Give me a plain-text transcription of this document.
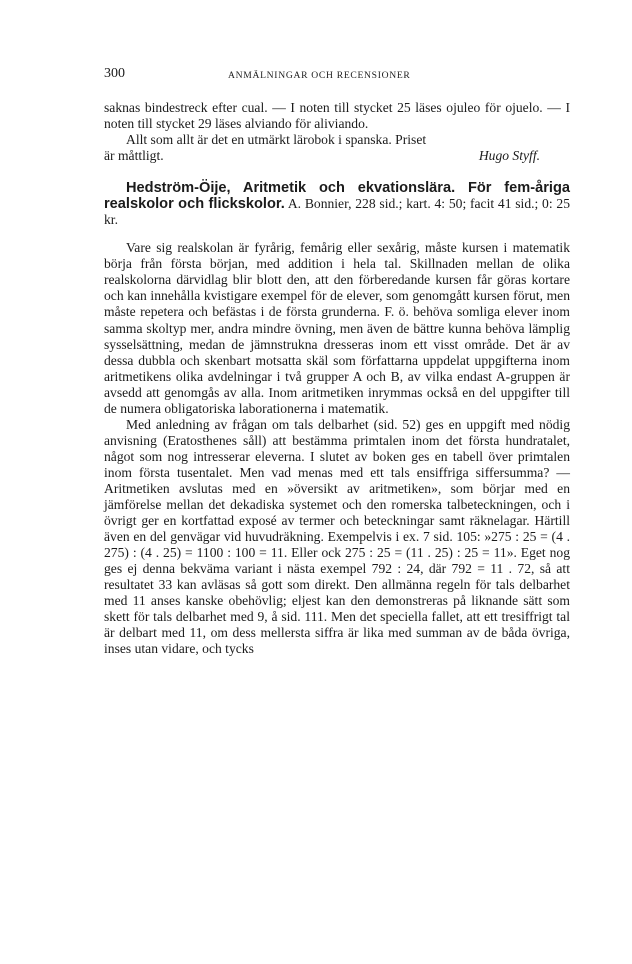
300	ANMÄLNINGAR OCH RECENSIONER

saknas bindestreck efter cual. — I noten till stycket 25 läses ojuleo för ojuelo. — I noten till stycket 29 läses alviando för aliviando.

Allt som allt är det en utmärkt lärobok i spanska. Priset

är måttligt.	Hugo Styff.

Hedström-Öije, Aritmetik och ekvationslära. För fem-åriga realskolor och flickskolor. A. Bonnier, 228 sid.; kart. 4: 50; facit 41 sid.; 0: 25 kr.

Vare sig realskolan är fyrårig, femårig eller sexårig, måste kursen i matematik börja från första början, med addition i hela tal. Skillnaden mellan de olika realskolorna därvidlag blir blott den, att den förberedande kursen får göras kortare och kan innehålla kvistigare exempel för de elever, som genomgått kursen förut, men måste repetera och befästas i de första grunderna. F. ö. behöva somliga elever inom samma skoltyp mer, andra mindre övning, men även de bättre kunna behöva lämplig sysselsättning, medan de jämnstrukna dresseras inom ett visst område. Det är av dessa dubbla och skenbart motsatta skäl som författarna uppdelat uppgifterna inom aritmetikens olika avdelningar i två grupper A och B, av vilka endast A-gruppen är avsedd att genomgås av alla. Inom aritmetiken inrymmas också en del uppgifter till de numera obligatoriska laborationerna i matematik.

Med anledning av frågan om tals delbarhet (sid. 52) ges en uppgift med nödig anvisning (Eratosthenes såll) att bestämma primtalen inom det första hundratalet, något som nog intresserar eleverna. I slutet av boken ges en tabell över primtalen inom första tusentalet. Men vad menas med ett tals ensiffriga siffersumma? — Aritmetiken avslutas med en »översikt av aritmetiken», som börjar med en jämförelse mellan det dekadiska systemet och den romerska talbeteckningen, och i övrigt ger en kortfattad exposé av termer och beteckningar samt räknelagar. Härtill även en del genvägar vid huvudräkning. Exempelvis i ex. 7 sid. 105: »275 : 25 = (4 . 275) : (4 . 25) = 1100 : 100 = 11. Eller ock 275 : 25 = (11 . 25) : 25 = 11». Eget nog ges ej denna bekväma variant i nästa exempel 792 : 24, där 792 = 11 . 72, så att resultatet 33 kan avläsas så gott som direkt. Den allmänna regeln för tals delbarhet med 11 anses kanske obehövlig; eljest kan den demonstreras på liknande sätt som skett för tals delbarhet med 9, å sid. 111. Men det speciella fallet, att ett tresiffrigt tal är delbart med 11, om dess mellersta siffra är lika med summan av de båda övriga, inses utan vidare, och tycks
